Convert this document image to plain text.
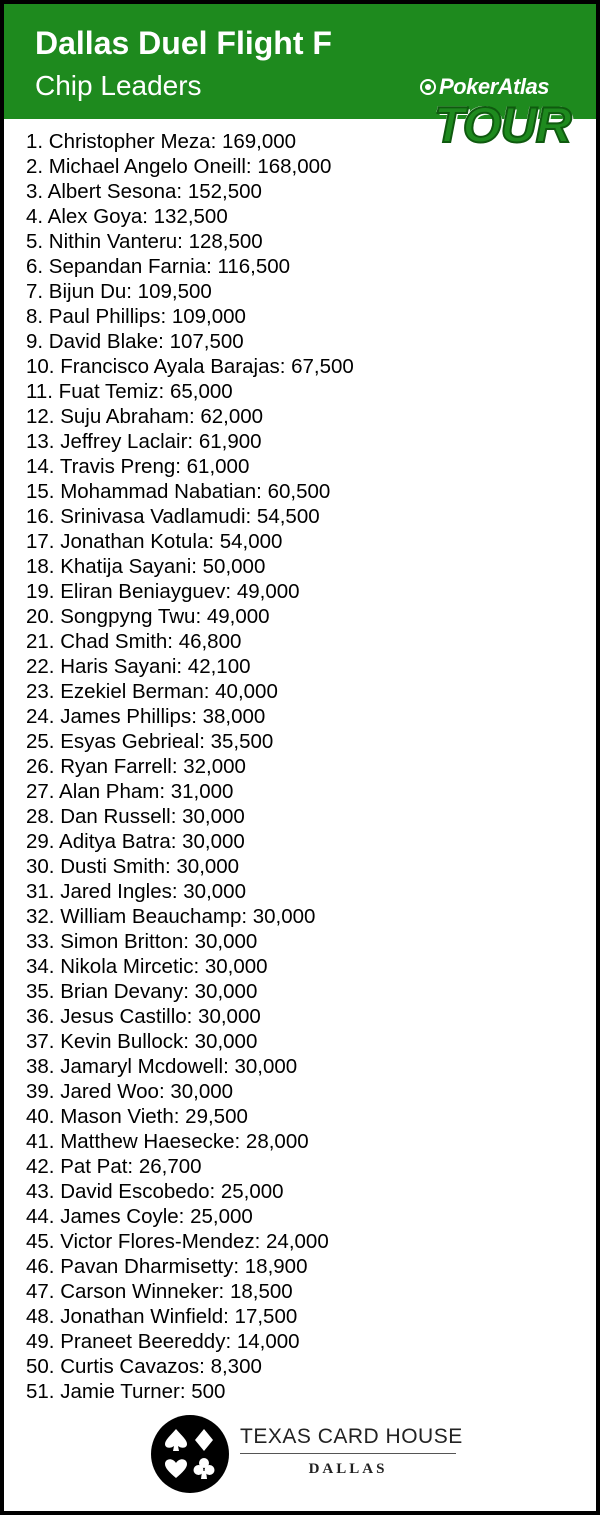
Dallas Duel Flight F
Chip Leaders	PokerAtlas
TOUR
1. Christopher Meza: 169,000
2. Michael Angelo Oneill: 168,000
3. Albert Sesona: 152,500
4. Alex Goya: 132,500
5. Nithin Vanteru: 128,500
6. Sepandan Farnia: 116,500
7. Bijun Du: 109,500
8. Paul Phillips: 109,000
9. David Blake: 107,500
10. Francisco Ayala Barajas: 67,500
11. Fuat Temiz: 65,000
12. Suju Abraham: 62,000
13. Jeffrey Laclair: 61,900
14. Travis Preng: 61,000
15. Mohammad Nabatian: 60,500
16. Srinivasa Vadlamudi: 54,500
17. Jonathan Kotula: 54,000
18. Khatija Sayani: 50,000
19. Eliran Beniayguev: 49,000
20. Songpyng Twu: 49,000
21. Chad Smith: 46,800
22. Haris Sayani: 42,100
23. Ezekiel Berman: 40,000
24. James Phillips: 38,000
25. Esyas Gebrieal: 35,500
26. Ryan Farrell: 32,000
27. Alan Pham: 31,000
28. Dan Russell: 30,000
29. Aditya Batra: 30,000
30. Dusti Smith: 30,000
31. Jared Ingles: 30,000
32. William Beauchamp: 30,000
33. Simon Britton: 30,000
34. Nikola Mircetic: 30,000
35. Brian Devany: 30,000
36. Jesus Castillo: 30,000
37. Kevin Bullock: 30,000
38. Jamaryl Mcdowell: 30,000
39. Jared Woo: 30,000
40. Mason Vieth: 29,500
41. Matthew Haesecke: 28,000
42. Pat Pat: 26,700
43. David Escobedo: 25,000
44. James Coyle: 25,000
45. Victor Flores-Mendez: 24,000
46. Pavan Dharmisetty: 18,900
47. Carson Winneker: 18,500
48. Jonathan Winfield: 17,500
49. Praneet Beereddy: 14,000
50. Curtis Cavazos: 8,300
51. Jamie Turner: 500
TEXAS CARD HOUSE
DALLAS
